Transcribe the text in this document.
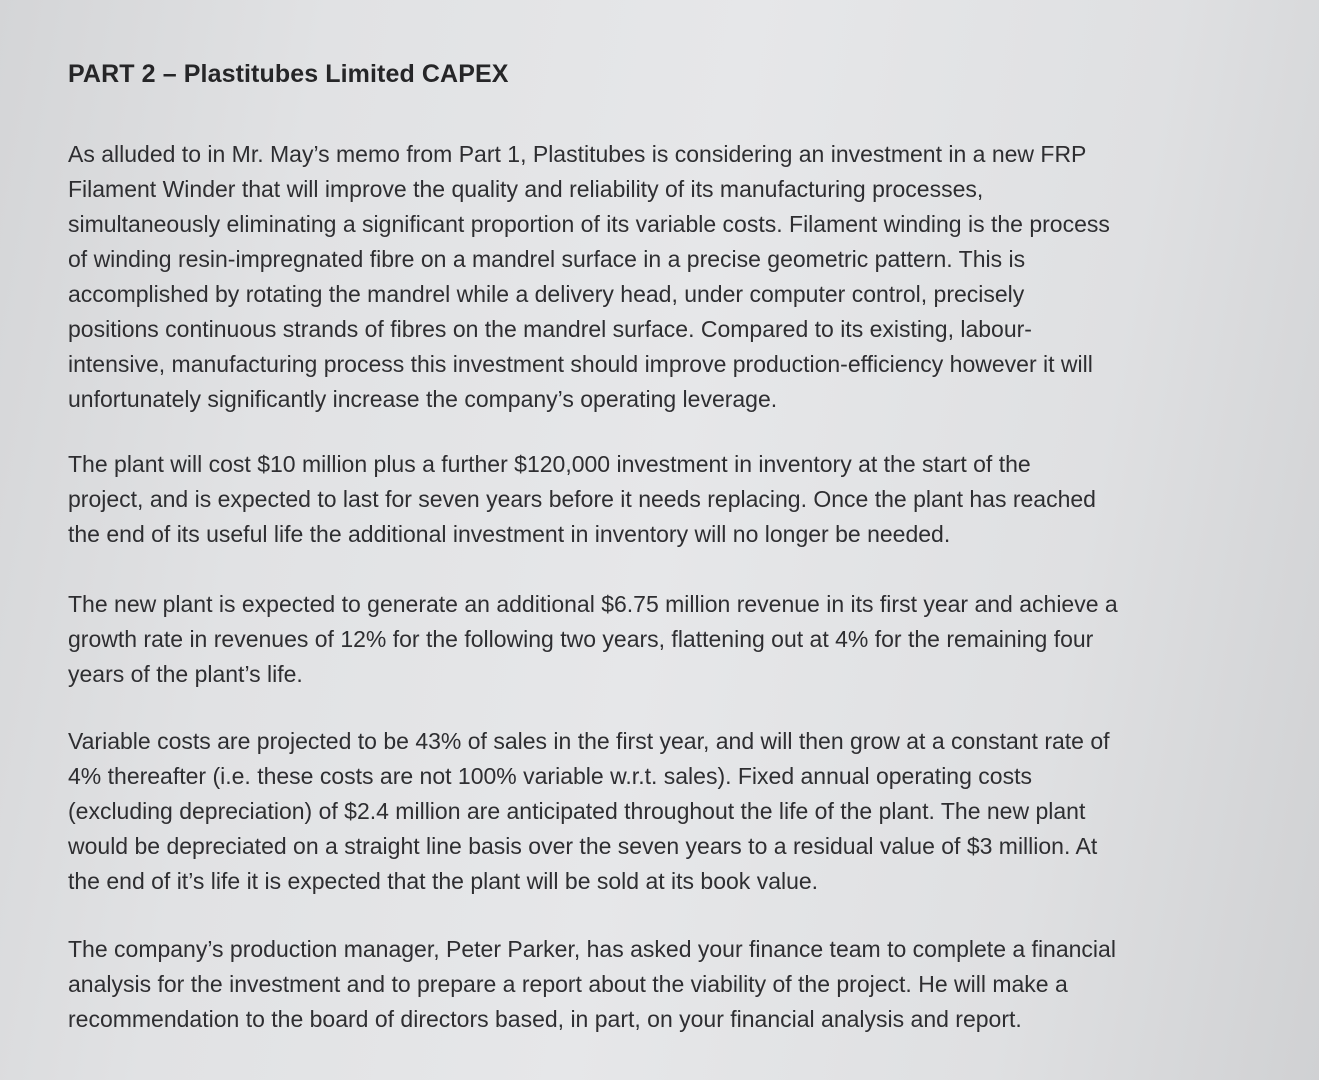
PART 2 – Plastitubes Limited CAPEX

As alluded to in Mr. May’s memo from Part 1, Plastitubes is considering an investment in a new FRP
Filament Winder that will improve the quality and reliability of its manufacturing processes,
simultaneously eliminating a significant proportion of its variable costs. Filament winding is the process
of winding resin-impregnated fibre on a mandrel surface in a precise geometric pattern. This is
accomplished by rotating the mandrel while a delivery head, under computer control, precisely
positions continuous strands of fibres on the mandrel surface. Compared to its existing, labour-
intensive, manufacturing process this investment should improve production-efficiency however it will
unfortunately significantly increase the company’s operating leverage.

The plant will cost $10 million plus a further $120,000 investment in inventory at the start of the
project, and is expected to last for seven years before it needs replacing. Once the plant has reached
the end of its useful life the additional investment in inventory will no longer be needed.

The new plant is expected to generate an additional $6.75 million revenue in its first year and achieve a
growth rate in revenues of 12% for the following two years, flattening out at 4% for the remaining four
years of the plant’s life.

Variable costs are projected to be 43% of sales in the first year, and will then grow at a constant rate of
4% thereafter (i.e. these costs are not 100% variable w.r.t. sales). Fixed annual operating costs
(excluding depreciation) of $2.4 million are anticipated throughout the life of the plant. The new plant
would be depreciated on a straight line basis over the seven years to a residual value of $3 million. At
the end of it’s life it is expected that the plant will be sold at its book value.

The company’s production manager, Peter Parker, has asked your finance team to complete a financial
analysis for the investment and to prepare a report about the viability of the project. He will make a
recommendation to the board of directors based, in part, on your financial analysis and report.
